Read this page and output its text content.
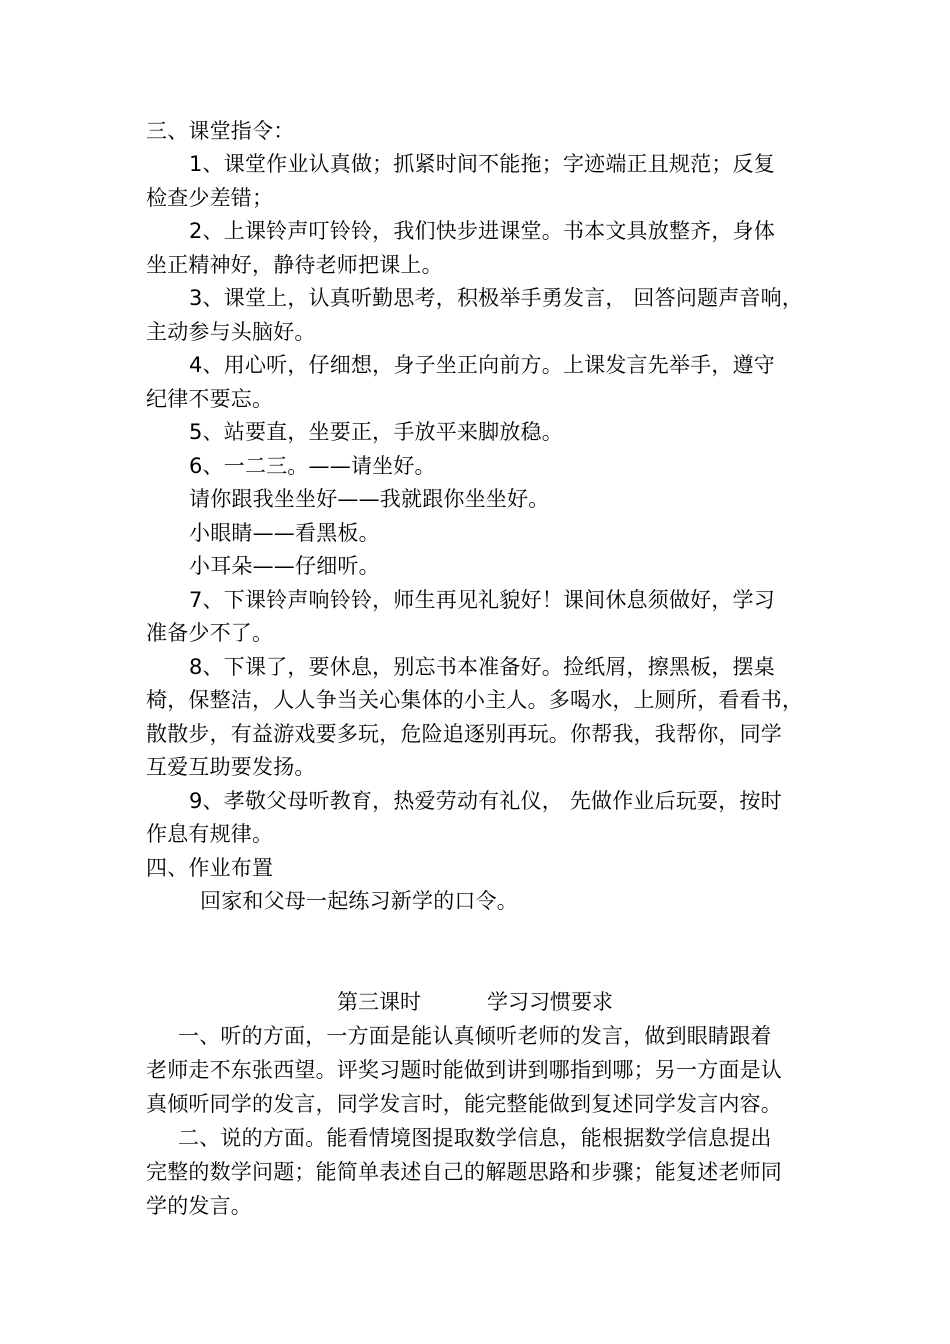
三、课堂指令：
1、课堂作业认真做；抓紧时间不能拖；字迹端正且规范；反复
检查少差错；
2、上课铃声叮铃铃，我们快步进课堂。书本文具放整齐，身体
坐正精神好，静待老师把课上。
3、课堂上，认真听勤思考，积极举手勇发言， 回答问题声音响，
主动参与头脑好。
4、用心听，仔细想，身子坐正向前方。上课发言先举手，遵守
纪律不要忘。
5、站要直，坐要正，手放平来脚放稳。
6、一二三。——请坐好。
请你跟我坐坐好——我就跟你坐坐好。
小眼睛——看黑板。
小耳朵——仔细听。
7、下课铃声响铃铃，师生再见礼貌好！课间休息须做好，学习
准备少不了。
8、下课了，要休息，别忘书本准备好。捡纸屑，擦黑板，摆桌
椅，保整洁，人人争当关心集体的小主人。多喝水，上厕所，看看书，
散散步，有益游戏要多玩，危险追逐别再玩。你帮我，我帮你，同学
互爱互助要发扬。
9、孝敬父母听教育，热爱劳动有礼仪， 先做作业后玩耍，按时
作息有规律。
四、作业布置
回家和父母一起练习新学的口令。
第三课时	学习习惯要求
一、听的方面，一方面是能认真倾听老师的发言，做到眼睛跟着
老师走不东张西望。评奖习题时能做到讲到哪指到哪；另一方面是认
真倾听同学的发言，同学发言时，能完整能做到复述同学发言内容。
二、说的方面。能看情境图提取数学信息，能根据数学信息提出
完整的数学问题；能简单表述自己的解题思路和步骤；能复述老师同
学的发言。
